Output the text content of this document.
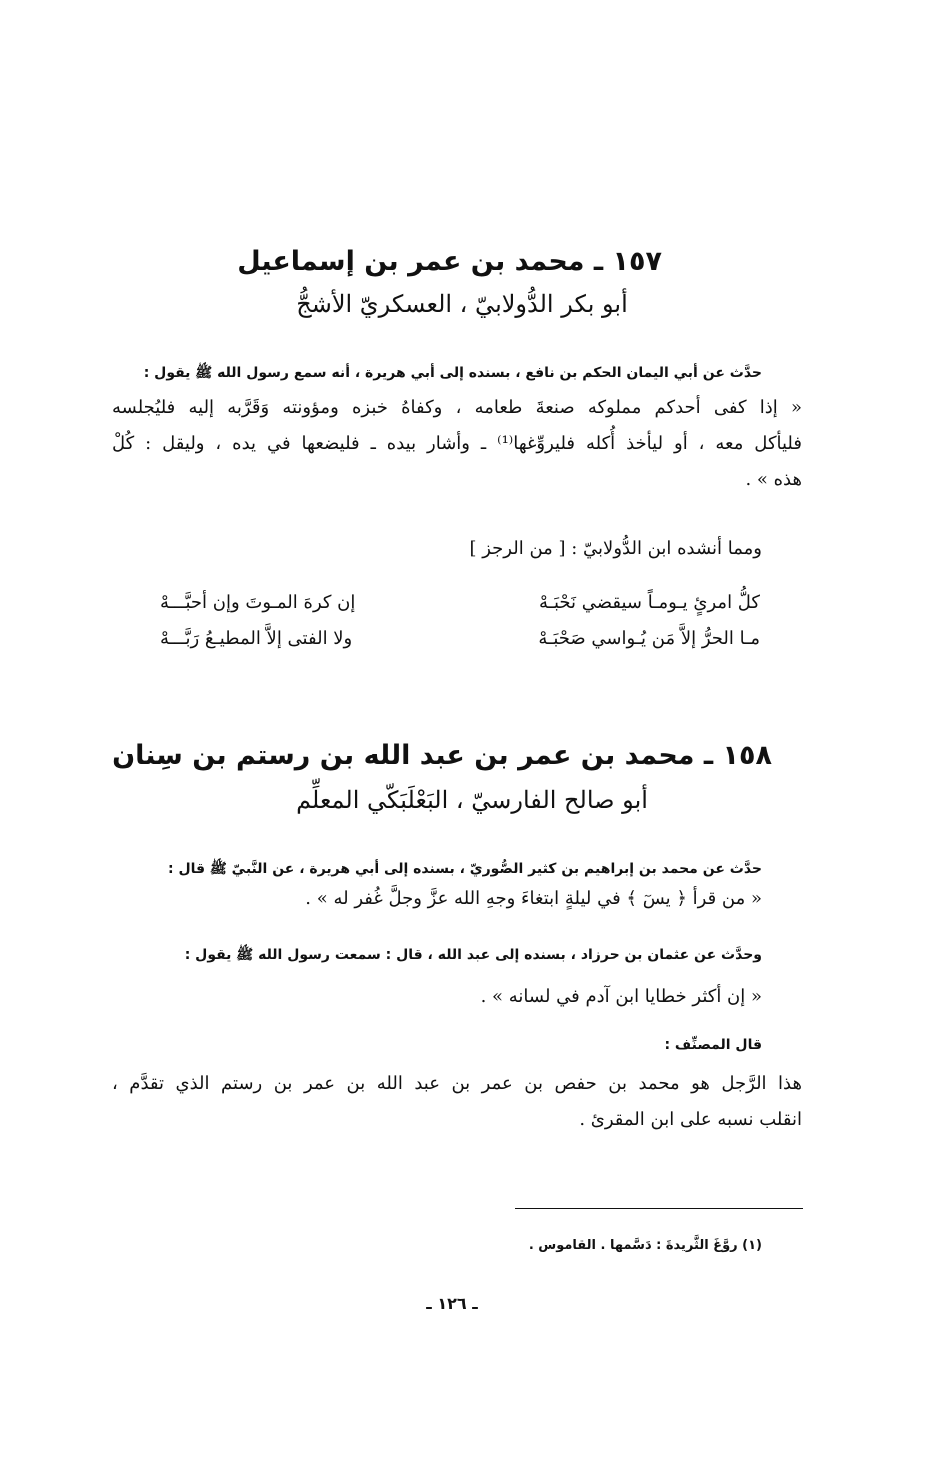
١٥٧ ـ محمد بن عمر بن إسماعيل
أبو بكر الدُّولابيّ ، العسكريّ الأشجُّ
حدَّث عن أبي اليمان الحكم بن نافع ، بسنده إلى أبي هريرة ، أنه سمع رسول الله ﷺ يقول :
« إذا كفى أحدكم مملوكه صنعةَ طعامه ، وكفاهُ خبزه ومؤونته وَقَرَّبه إليه فليُجلسه
فليأكل معه ، أو ليأخذ أُكله فليروِّغها⁽¹⁾ ـ وأشار بيده ـ فليضعها في يده ، وليقل : كُلْ
هذه » .
ومما أنشده ابن الدُّولابيّ : [ من الرجز ]
كلُّ امرئٍ يـومـاً سيقضي نَحْبَـهْ
إن كرهَ المـوتَ وإن أحبَّـــهْ
مـا الحرُّ إلاَّ مَن يُـواسي صَحْبَـهْ
ولا الفتى إلاَّ المطيـعُ رَبَّـــهْ
١٥٨ ـ محمد بن عمر بن عبد الله بن رستم بن سِنان
أبو صالح الفارسيّ ، البَعْلَبَكّي المعلِّم
حدَّث عن محمد بن إبراهيم بن كثير الصُّوريّ ، بسنده إلى أبي هريرة ، عن النَّبيّ ﷺ قال :
« من قرأ ﴿ يسٓ ﴾ في ليلةٍ ابتغاءَ وجهِ الله عزَّ وجلَّ غُفر له » .
وحدَّث عن عثمان بن حرزاد ، بسنده إلى عبد الله ، قال : سمعت رسول الله ﷺ يقول :
« إن أكثر خطايا ابن آدم في لسانه » .
قال المصنِّف :
هذا الرَّجل هو محمد بن حفص بن عمر بن عبد الله بن عمر بن رستم الذي تقدَّم ،
انقلب نسبه على ابن المقرئ .
(١) روَّغَ الثَّريدةَ : دَسَّمها . القاموس .
ـ ١٢٦ ـ
